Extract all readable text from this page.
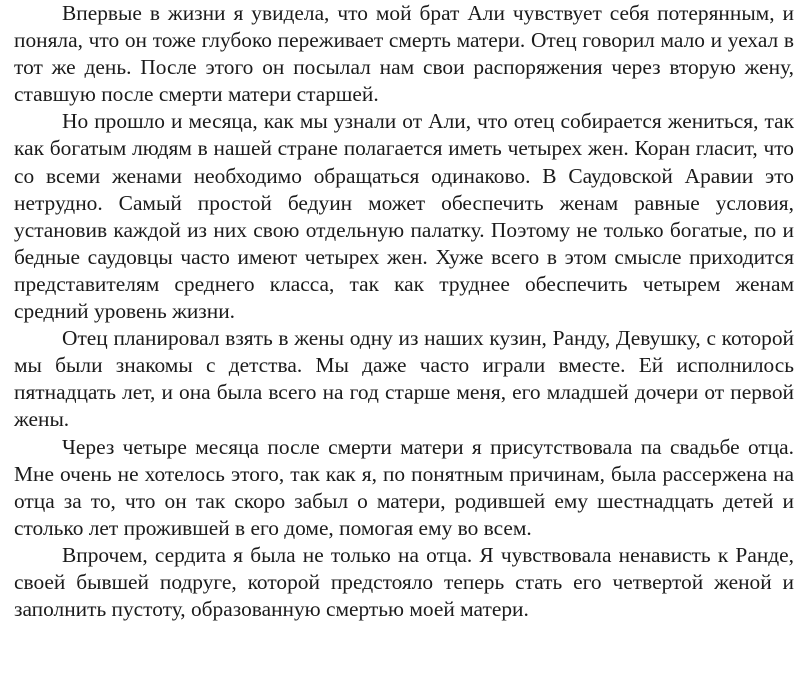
Впервые в жизни я увидела, что мой брат Али чувствует себя потерянным, и поняла, что он тоже глубоко переживает смерть матери. Отец говорил мало и уехал в тот же день. После этого он посылал нам свои распоряжения через вторую жену, ставшую после смерти матери старшей.

Но прошло и месяца, как мы узнали от Али, что отец собирается жениться, так как богатым людям в нашей стране полагается иметь четырех жен. Коран гласит, что со всеми женами необходимо обращаться одинаково. В Саудовской Аравии это нетрудно. Самый простой бедуин может обеспечить женам равные условия, установив каждой из них свою отдельную палатку. Поэтому не только богатые, по и бедные саудовцы часто имеют четырех жен. Хуже всего в этом смысле приходится представителям среднего класса, так как труднее обеспечить четырем женам средний уровень жизни.

Отец планировал взять в жены одну из наших кузин, Ранду, Девушку, с которой мы были знакомы с детства. Мы даже часто играли вместе. Ей исполнилось пятнадцать лет, и она была всего на год старше меня, его младшей дочери от первой жены.

Через четыре месяца после смерти матери я присутствовала па свадьбе отца. Мне очень не хотелось этого, так как я, по понятным причинам, была рассержена на отца за то, что он так скоро забыл о матери, родившей ему шестнадцать детей и столько лет прожившей в его доме, помогая ему во всем.

Впрочем, сердита я была не только на отца. Я чувствовала ненависть к Ранде, своей бывшей подруге, которой предстояло теперь стать его четвертой женой и заполнить пустоту, образованную смертью моей матери.
